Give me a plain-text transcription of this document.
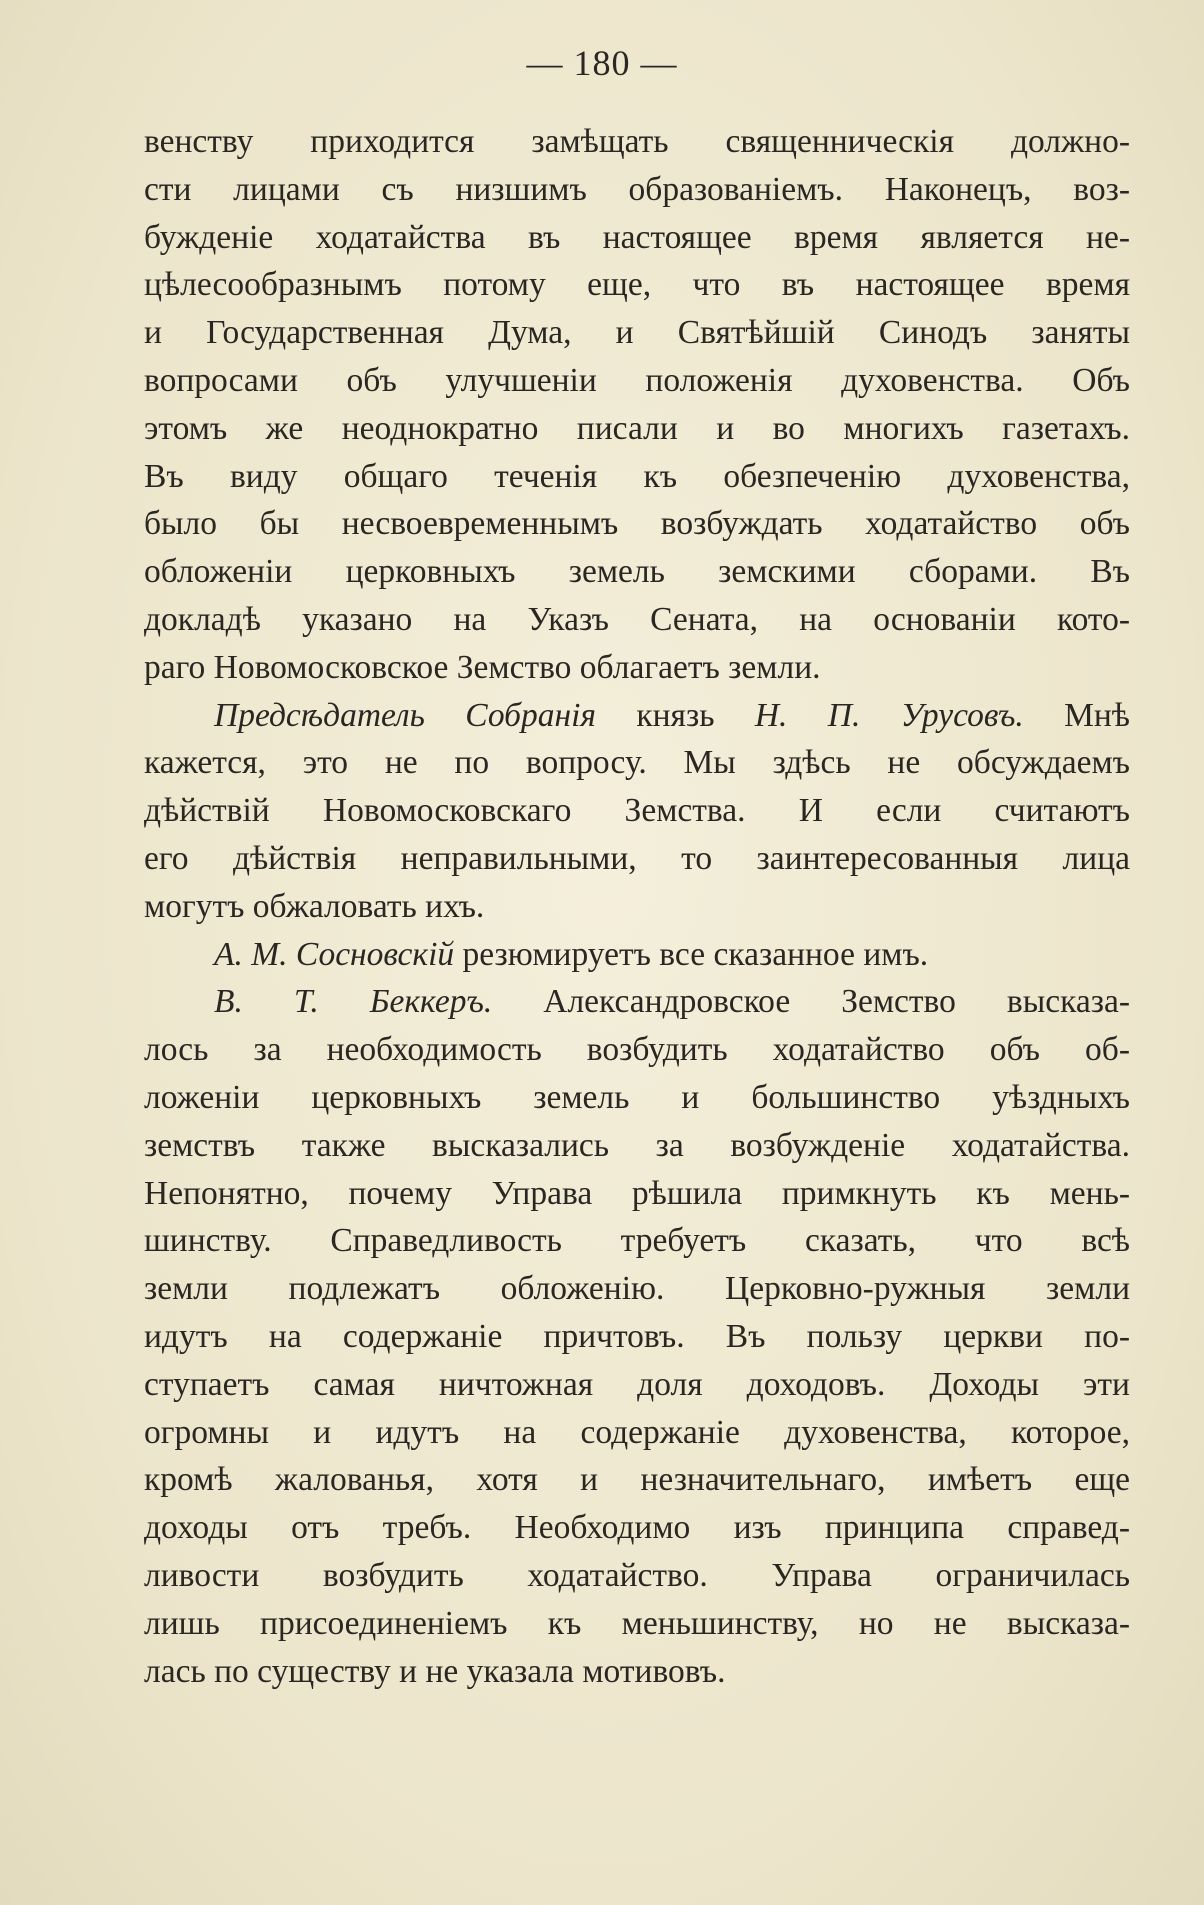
— 180 —
венству приходится замѣщать священническія должно-
сти лицами съ низшимъ образованіемъ. Наконецъ, воз-
бужденіе ходатайства въ настоящее время является не-
цѣлесообразнымъ потому еще, что въ настоящее время
и Государственная Дума, и Святѣйшій Синодъ заняты
вопросами объ улучшеніи положенія духовенства. Объ
этомъ же неоднократно писали и во многихъ газетахъ.
Въ виду общаго теченія къ обезпеченію духовенства,
было бы несвоевременнымъ возбуждать ходатайство объ
обложеніи церковныхъ земель земскими сборами. Въ
докладѣ указано на Указъ Сената, на основаніи кото-
раго Новомосковское Земство облагаетъ земли.
Предсѣдатель Собранія князь Н. П. Урусовъ. Мнѣ
кажется, это не по вопросу. Мы здѣсь не обсуждаемъ
дѣйствій Новомосковскаго Земства. И если считаютъ
его дѣйствія неправильными, то заинтересованныя лица
могутъ обжаловать ихъ.
А. М. Сосновскій резюмируетъ все сказанное имъ.
В. Т. Беккеръ. Александровское Земство высказа-
лось за необходимость возбудить ходатайство объ об-
ложеніи церковныхъ земель и большинство уѣздныхъ
земствъ также высказались за возбужденіе ходатайства.
Непонятно, почему Управа рѣшила примкнуть къ мень-
шинству. Справедливость требуетъ сказать, что всѣ
земли подлежатъ обложенію. Церковно-ружныя земли
идутъ на содержаніе причтовъ. Въ пользу церкви по-
ступаетъ самая ничтожная доля доходовъ. Доходы эти
огромны и идутъ на содержаніе духовенства, которое,
кромѣ жалованья, хотя и незначительнаго, имѣетъ еще
доходы отъ требъ. Необходимо изъ принципа справед-
ливости возбудить ходатайство. Управа ограничилась
лишь присоединеніемъ къ меньшинству, но не высказа-
лась по существу и не указала мотивовъ.
